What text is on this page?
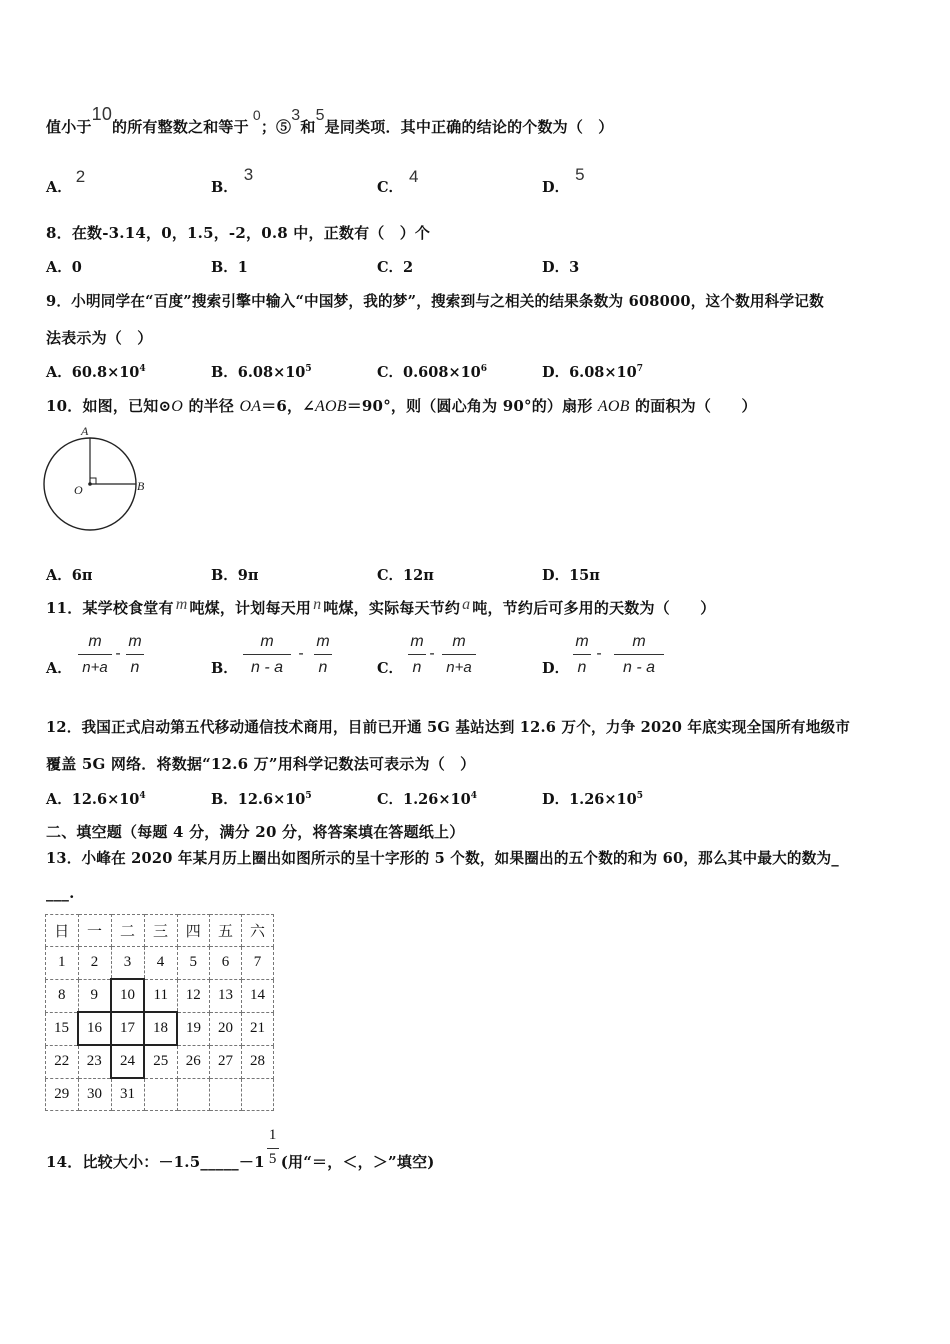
值小于10的所有整数之和等于0；⑤3和5是同类项．其中正确的结论的个数为（　）
A．2
B．3
C．4
D．5
8．在数-3.14，0，1.5，-2，0.8 中，正数有（　）个
A．0	B．1	C．2	D．3
9．小明同学在“百度”搜索引擎中输入“中国梦，我的梦”，搜索到与之相关的结果条数为 608000，这个数用科学记数
法表示为（　）
A．$60.8\times 10^4$	B．$6.08\times 10^5$	C．$0.608\times 10^6$	D．$6.08\times 10^7$
10．如图，已知⊙O 的半径 OA＝6，∠AOB＝90°，则（圆心角为 90°的）扇形 AOB 的面积为（　　）
A
B
O
A．6π	B．9π	C．12π	D．15π
11．某学校食堂有 m 吨煤，计划每天用 n 吨煤，实际每天节约 a 吨，节约后可多用的天数为（　　）
A．
m
n+a
-
m
n	B．
m
n - a
-
m
n	C．
m
n
-
m
n+a	D．
m
n
-
m
n - a
12．我国正式启动第五代移动通信技术商用，目前已开通 5G 基站达到 12.6 万个，力争 2020 年底实现全国所有地级市
覆盖 5G 网络．将数据“12.6 万”用科学记数法可表示为（　）
A．$12.6\times 10^4$	B．$12.6\times 10^5$	C．$1.26\times 10^4$	D．$1.26\times 10^5$
二、填空题（每题 4 分，满分 20 分，将答案填在答题纸上）
13．小峰在 2020 年某月历上圈出如图所示的呈十字形的 5 个数，如果圈出的五个数的和为 60，那么其中最大的数为_
___.
日	一	二	三	四	五	六
1	2	3	4	5	6	7
8	9	10	11	12	13	14
15	16	17	18	19	20	21
22	23	24	25	26	27	28
29	30	31				
14．比较大小：－1.5_____－1 $\frac{1}{5}$ (用“＝，＜，＞”填空)
